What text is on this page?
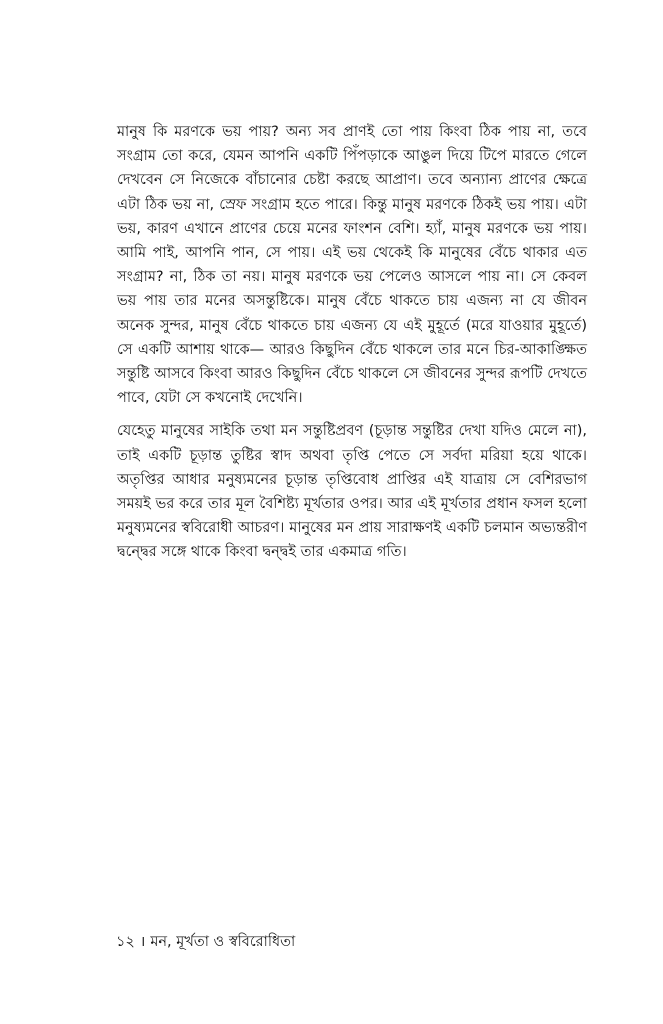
মানুষ কি মরণকে ভয় পায়? অন্য সব প্রাণই তো পায় কিংবা ঠিক পায় না, তবে সংগ্রাম তো করে, যেমন আপনি একটি পিঁপড়াকে আঙুল দিয়ে টিপে মারতে গেলে দেখবেন সে নিজেকে বাঁচানোর চেষ্টা করছে আপ্রাণ। তবে অন্যান্য প্রাণের ক্ষেত্রে এটা ঠিক ভয় না, স্রেফ সংগ্রাম হতে পারে। কিন্তু মানুষ মরণকে ঠিকই ভয় পায়। এটা ভয়, কারণ এখানে প্রাণের চেয়ে মনের ফাংশন বেশি। হ্যাঁ, মানুষ মরণকে ভয় পায়। আমি পাই, আপনি পান, সে পায়। এই ভয় থেকেই কি মানুষের বেঁচে থাকার এত সংগ্রাম? না, ঠিক তা নয়। মানুষ মরণকে ভয় পেলেও আসলে পায় না। সে কেবল ভয় পায় তার মনের অসন্তুষ্টিকে। মানুষ বেঁচে থাকতে চায় এজন্য না যে জীবন অনেক সুন্দর, মানুষ বেঁচে থাকতে চায় এজন্য যে এই মুহূর্তে (মরে যাওয়ার মুহূর্তে) সে একটি আশায় থাকে— আরও কিছুদিন বেঁচে থাকলে তার মনে চির-আকাঙ্ক্ষিত সন্তুষ্টি আসবে কিংবা আরও কিছুদিন বেঁচে থাকলে সে জীবনের সুন্দর রূপটি দেখতে পাবে, যেটা সে কখনোই দেখেনি।

যেহেতু মানুষের সাইকি তথা মন সন্তুষ্টিপ্রবণ (চূড়ান্ত সন্তুষ্টির দেখা যদিও মেলে না), তাই একটি চূড়ান্ত তুষ্টির স্বাদ অথবা তৃপ্তি পেতে সে সর্বদা মরিয়া হয়ে থাকে। অতৃপ্তির আধার মনুষ্যমনের চূড়ান্ত তৃপ্তিবোধ প্রাপ্তির এই যাত্রায় সে বেশিরভাগ সময়ই ভর করে তার মূল বৈশিষ্ট্য মূর্খতার ওপর। আর এই মূর্খতার প্রধান ফসল হলো মনুষ্যমনের স্ববিরোধী আচরণ। মানুষের মন প্রায় সারাক্ষণই একটি চলমান অভ্যন্তরীণ দ্বন্দ্বের সঙ্গে থাকে কিংবা দ্বন্দ্বই তার একমাত্র গতি।

১২ । মন, মূর্খতা ও স্ববিরোধিতা
